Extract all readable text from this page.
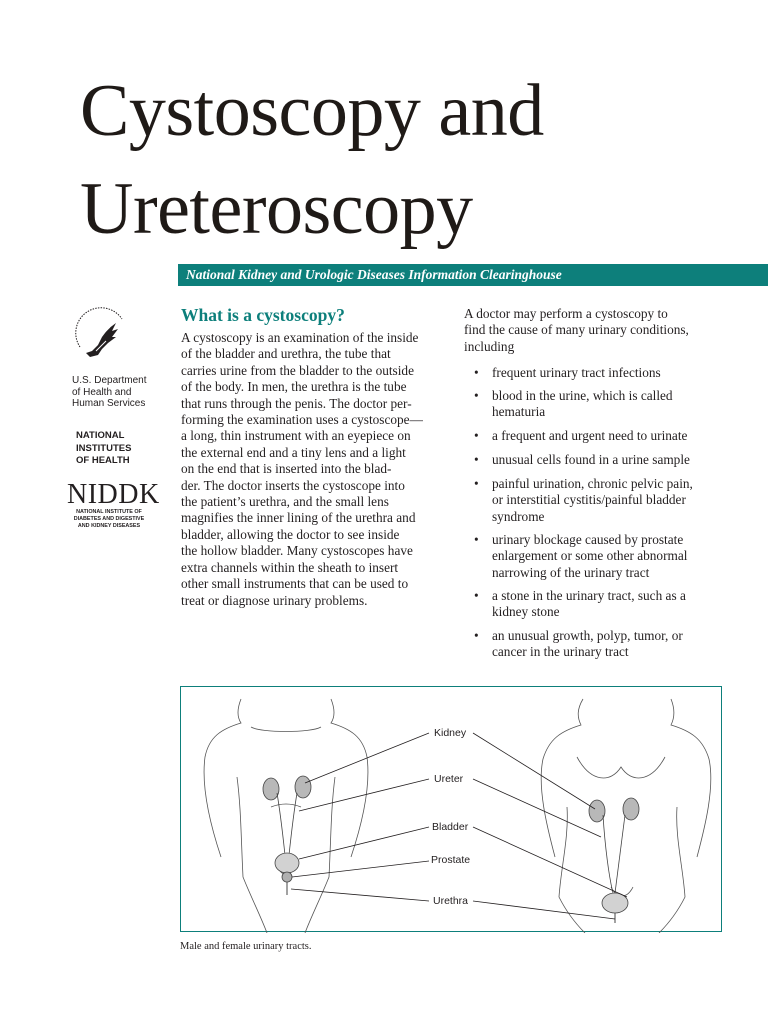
Cystoscopy and
Ureteroscopy
National Kidney and Urologic Diseases Information Clearinghouse
U.S. Department
of Health and
Human Services
NATIONAL
INSTITUTES
OF HEALTH
NIDDK
NATIONAL INSTITUTE OF
DIABETES AND DIGESTIVE
AND KIDNEY DISEASES
What is a cystoscopy?

A cystoscopy is an examination of the inside
of the bladder and urethra, the tube that
carries urine from the bladder to the outside
of the body. In men, the urethra is the tube
that runs through the penis. The doctor per-
forming the examination uses a cystoscope—
a long, thin instrument with an eyepiece on
the external end and a tiny lens and a light
on the end that is inserted into the blad-
der. The doctor inserts the cystoscope into
the patient’s urethra, and the small lens
magnifies the inner lining of the urethra and
bladder, allowing the doctor to see inside
the hollow bladder. Many cystoscopes have
extra channels within the sheath to insert
other small instruments that can be used to
treat or diagnose urinary problems.

A doctor may perform a cystoscopy to
find the cause of many urinary conditions,
including

• frequent urinary tract infections
• blood in the urine, which is called
hematuria
• a frequent and urgent need to urinate
• unusual cells found in a urine sample
• painful urination, chronic pelvic pain,
or interstitial cystitis/painful bladder
syndrome
• urinary blockage caused by prostate
enlargement or some other abnormal
narrowing of the urinary tract
• a stone in the urinary tract, such as a
kidney stone
• an unusual growth, polyp, tumor, or
cancer in the urinary tract
Kidney
Ureter
Bladder
Prostate
Urethra
Male and female urinary tracts.
